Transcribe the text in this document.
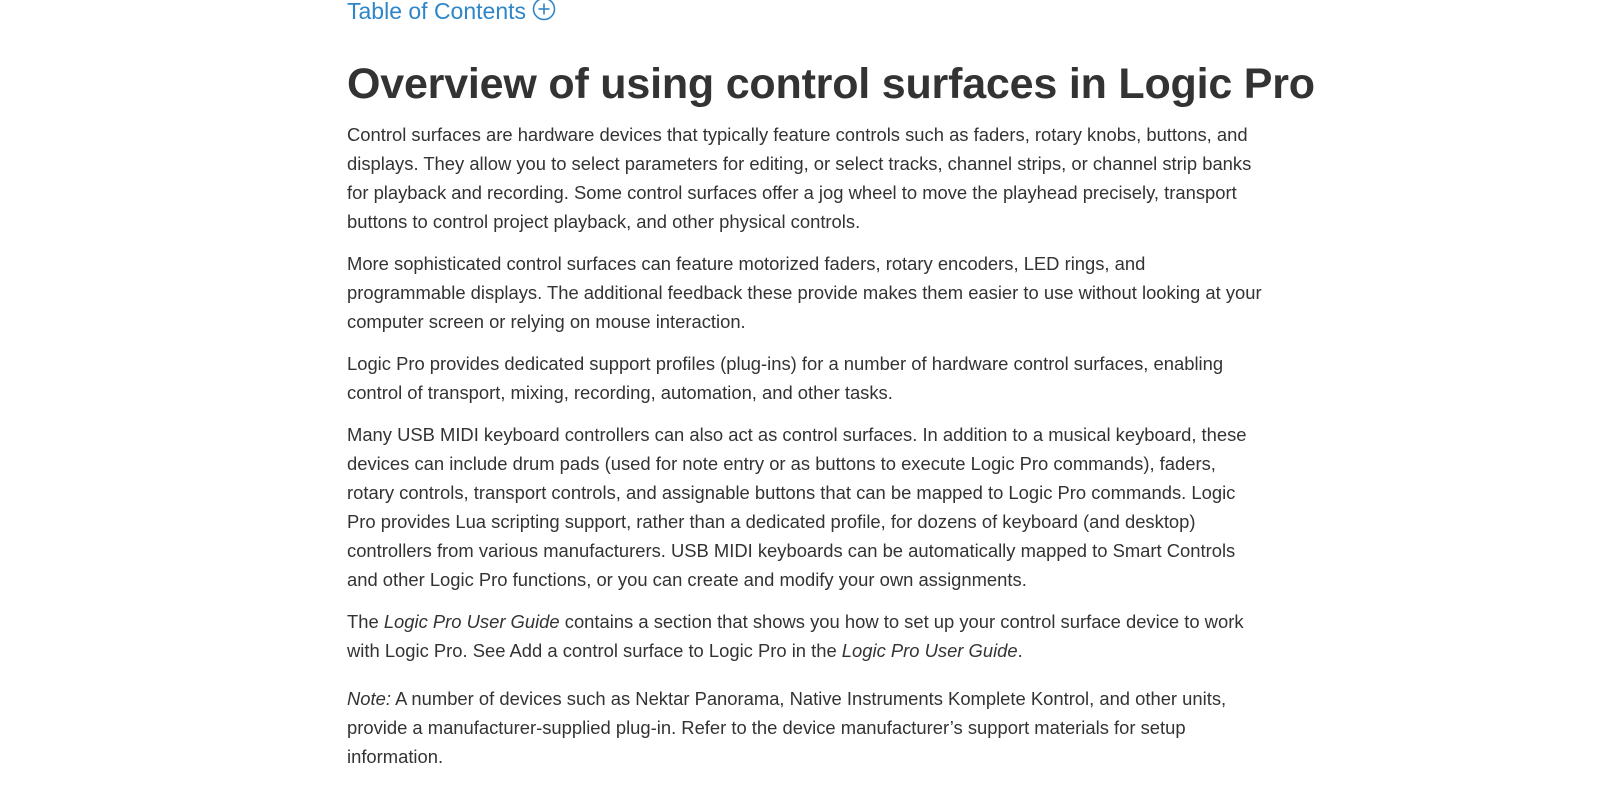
Table of Contents
Overview of using control surfaces in Logic Pro

Control surfaces are hardware devices that typically feature controls such as faders, rotary knobs, buttons, and displays. They allow you to select parameters for editing, or select tracks, channel strips, or channel strip banks for playback and recording. Some control surfaces offer a jog wheel to move the playhead precisely, transport buttons to control project playback, and other physical controls.

More sophisticated control surfaces can feature motorized faders, rotary encoders, LED rings, and programmable displays. The additional feedback these provide makes them easier to use without looking at your computer screen or relying on mouse interaction.

Logic Pro provides dedicated support profiles (plug-ins) for a number of hardware control surfaces, enabling control of transport, mixing, recording, automation, and other tasks.

Many USB MIDI keyboard controllers can also act as control surfaces. In addition to a musical keyboard, these devices can include drum pads (used for note entry or as buttons to execute Logic Pro commands), faders, rotary controls, transport controls, and assignable buttons that can be mapped to Logic Pro commands. Logic Pro provides Lua scripting support, rather than a dedicated profile, for dozens of keyboard (and desktop) controllers from various manufacturers. USB MIDI keyboards can be automatically mapped to Smart Controls and other Logic Pro functions, or you can create and modify your own assignments.

The Logic Pro User Guide contains a section that shows you how to set up your control surface device to work with Logic Pro. See Add a control surface to Logic Pro in the Logic Pro User Guide.

Note: A number of devices such as Nektar Panorama, Native Instruments Komplete Kontrol, and other units, provide a manufacturer-supplied plug-in. Refer to the device manufacturer’s support materials for setup information.
